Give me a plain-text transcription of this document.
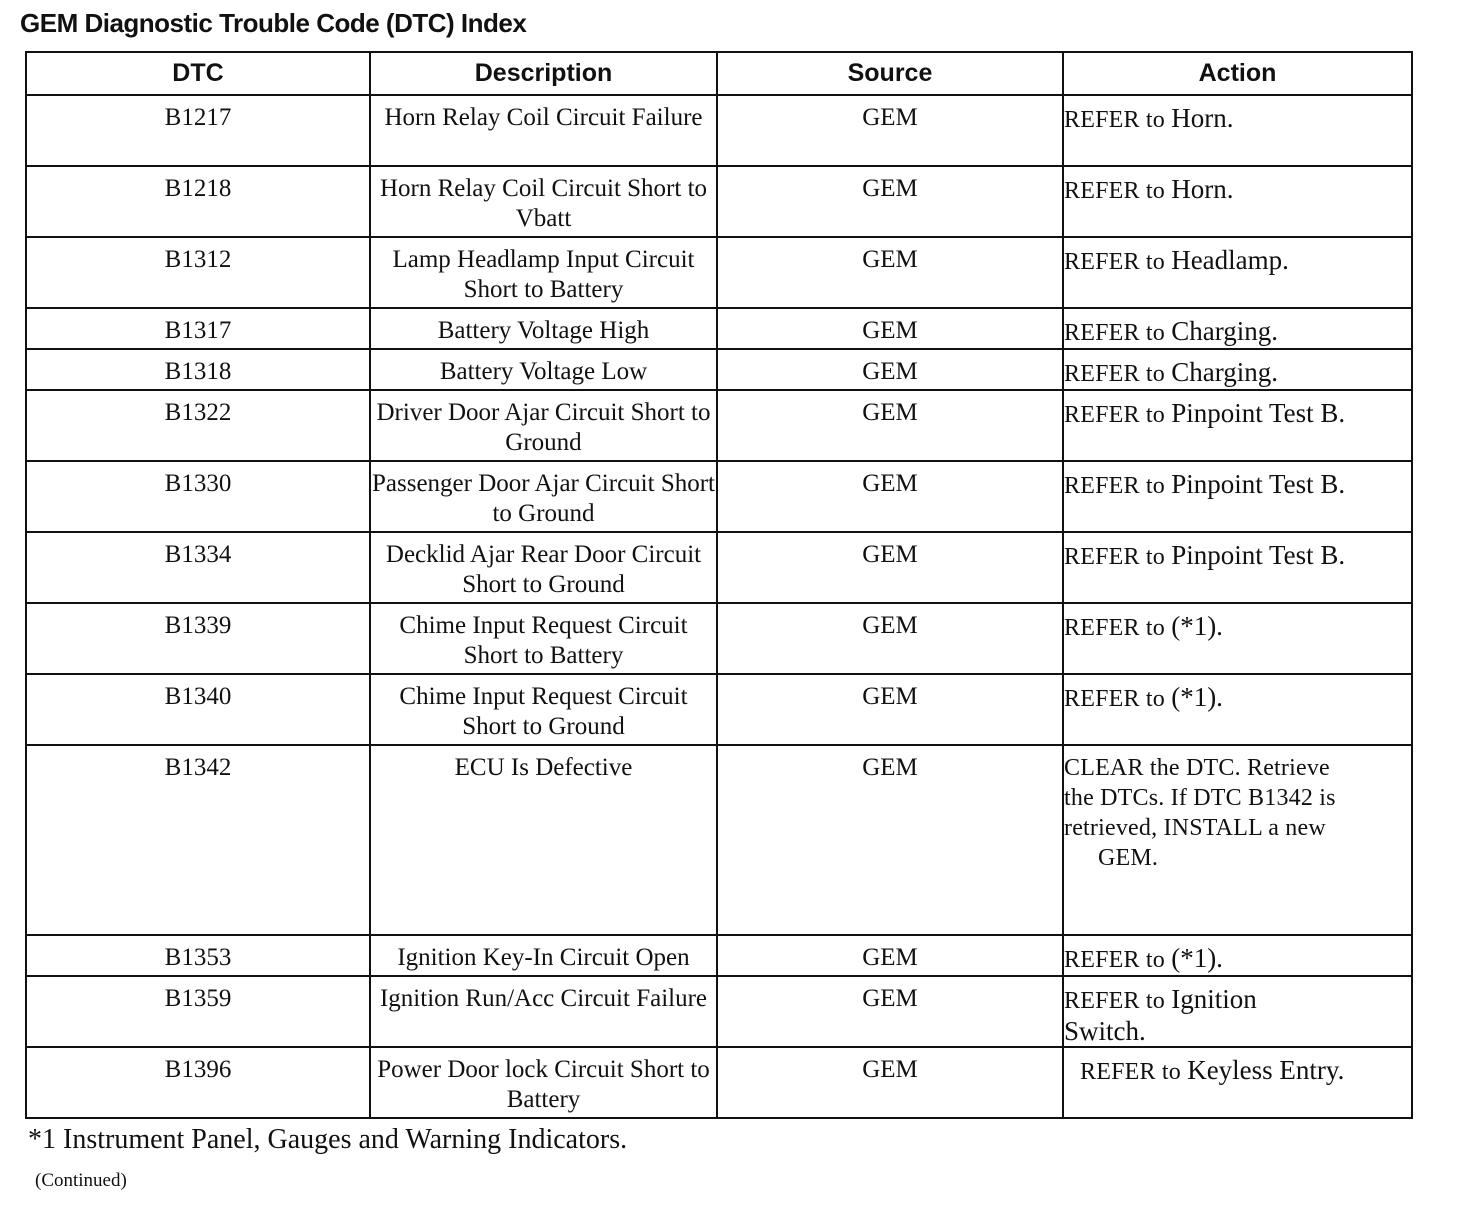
GEM Diagnostic Trouble Code (DTC) Index
DTC	Description	Source	Action
B1217	Horn Relay Coil Circuit Failure	GEM	REFER to Horn.
B1218	Horn Relay Coil Circuit Short to Vbatt	GEM	REFER to Horn.
B1312	Lamp Headlamp Input Circuit Short to Battery	GEM	REFER to Headlamp.
B1317	Battery Voltage High	GEM	REFER to Charging.
B1318	Battery Voltage Low	GEM	REFER to Charging.
B1322	Driver Door Ajar Circuit Short to Ground	GEM	REFER to Pinpoint Test B.
B1330	Passenger Door Ajar Circuit Short to Ground	GEM	REFER to Pinpoint Test B.
B1334	Decklid Ajar Rear Door Circuit Short to Ground	GEM	REFER to Pinpoint Test B.
B1339	Chime Input Request Circuit Short to Battery	GEM	REFER to (*1).
B1340	Chime Input Request Circuit Short to Ground	GEM	REFER to (*1).
B1342	ECU Is Defective	GEM	CLEAR the DTC. Retrieve
the DTCs. If DTC B1342 is
retrieved, INSTALL a new
GEM.

B1353	Ignition Key-In Circuit Open	GEM	REFER to (*1).
B1359	Ignition Run/Acc Circuit Failure	GEM	REFER to Ignition
Switch.

B1396	Power Door lock Circuit Short to Battery	GEM	REFER to Keyless Entry.

*1 Instrument Panel, Gauges and Warning Indicators.

(Continued)
